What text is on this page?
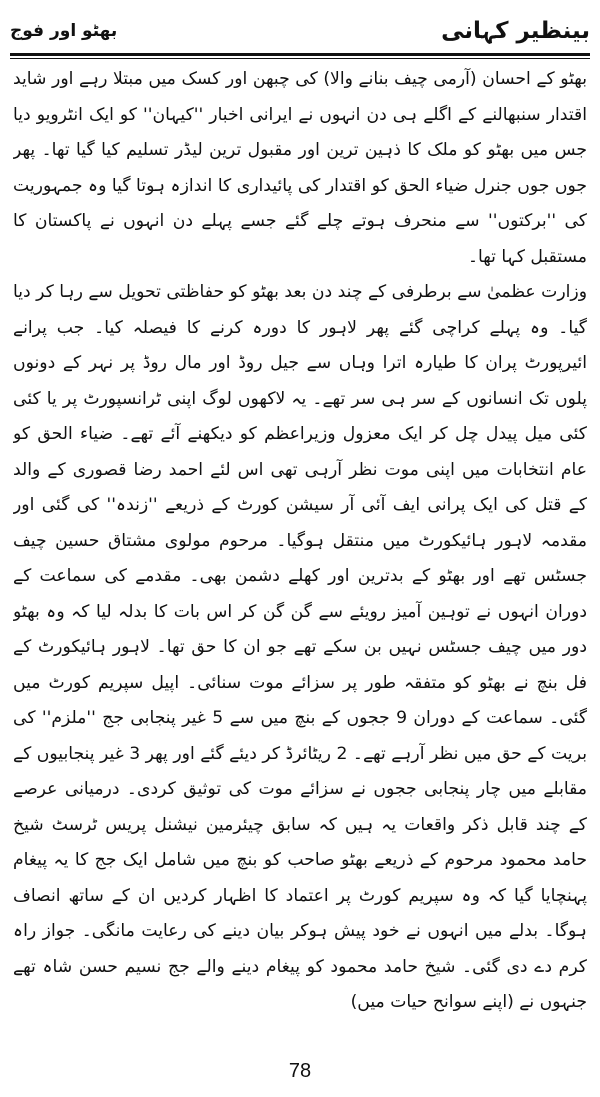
بینظیر کہانی
بھٹو اور فوج

بھٹو کے احسان (آرمی چیف بنانے والا) کی چبھن اور کسک میں مبتلا رہے اور شاید اقتدار سنبھالنے کے اگلے ہی دن انہوں نے ایرانی اخبار ''کیہان'' کو ایک انٹرویو دیا جس میں بھٹو کو ملک کا ذہین ترین اور مقبول ترین لیڈر تسلیم کیا گیا تھا۔ پھر جوں جوں جنرل ضیاء الحق کو اقتدار کی پائیداری کا اندازہ ہوتا گیا وہ جمہوریت کی ''برکتوں'' سے منحرف ہوتے چلے گئے جسے پہلے دن انہوں نے پاکستان کا مستقبل کہا تھا۔

وزارت عظمیٰ سے برطرفی کے چند دن بعد بھٹو کو حفاظتی تحویل سے رہا کر دیا گیا۔ وہ پہلے کراچی گئے پھر لاہور کا دورہ کرنے کا فیصلہ کیا۔ جب پرانے ائیرپورٹ پران کا طیارہ اترا وہاں سے جیل روڈ اور مال روڈ پر نہر کے دونوں پلوں تک انسانوں کے سر ہی سر تھے۔ یہ لاکھوں لوگ اپنی ٹرانسپورٹ پر یا کئی کئی میل پیدل چل کر ایک معزول وزیراعظم کو دیکھنے آئے تھے۔ ضیاء الحق کو عام انتخابات میں اپنی موت نظر آرہی تھی اس لئے احمد رضا قصوری کے والد کے قتل کی ایک پرانی ایف آئی آر سیشن کورٹ کے ذریعے ''زندہ'' کی گئی اور مقدمہ لاہور ہائیکورٹ میں منتقل ہوگیا۔ مرحوم مولوی مشتاق حسین چیف جسٹس تھے اور بھٹو کے بدترین اور کھلے دشمن بھی۔ مقدمے کی سماعت کے دوران انہوں نے توہین آمیز رویئے سے گن گن کر اس بات کا بدلہ لیا کہ وہ بھٹو دور میں چیف جسٹس نہیں بن سکے تھے جو ان کا حق تھا۔ لاہور ہائیکورٹ کے فل بنچ نے بھٹو کو متفقہ طور پر سزائے موت سنائی۔ اپیل سپریم کورٹ میں گئی۔ سماعت کے دوران 9 ججوں کے بنچ میں سے 5 غیر پنجابی جج ''ملزم'' کی بریت کے حق میں نظر آرہے تھے۔ 2 ریٹائرڈ کر دیئے گئے اور پھر 3 غیر پنجابیوں کے مقابلے میں چار پنجابی ججوں نے سزائے موت کی توثیق کردی۔ درمیانی عرصے کے چند قابل ذکر واقعات یہ ہیں کہ سابق چیئرمین نیشنل پریس ٹرسٹ شیخ حامد محمود مرحوم کے ذریعے بھٹو صاحب کو بنچ میں شامل ایک جج کا یہ پیغام پہنچایا گیا کہ وہ سپریم کورٹ پر اعتماد کا اظہار کردیں ان کے ساتھ انصاف ہوگا۔ بدلے میں انہوں نے خود پیش ہوکر بیان دینے کی رعایت مانگی۔ جواز راہ کرم دے دی گئی۔ شیخ حامد محمود کو پیغام دینے والے جج نسیم حسن شاہ تھے جنہوں نے (اپنے سوانح حیات میں)

78
